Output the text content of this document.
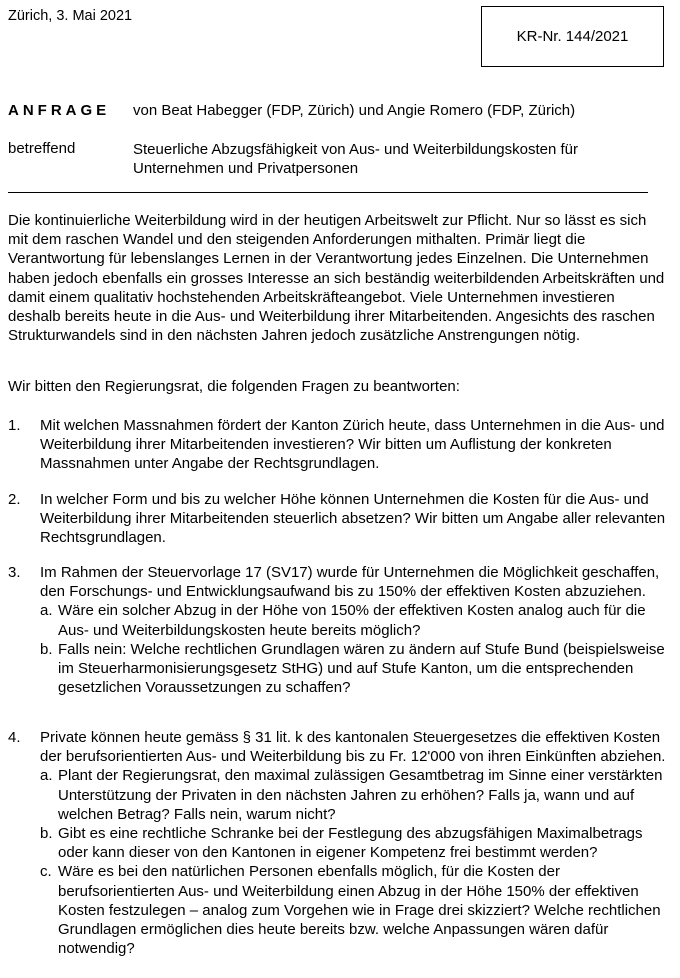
Zürich, 3. Mai 2021
KR-Nr. 144/2021
ANFRAGE von Beat Habegger (FDP, Zürich) und Angie Romero (FDP, Zürich)
betreffend	Steuerliche Abzugsfähigkeit von Aus- und Weiterbildungskosten für Unternehmen und Privatpersonen
Die kontinuierliche Weiterbildung wird in der heutigen Arbeitswelt zur Pflicht. Nur so lässt es sich mit dem raschen Wandel und den steigenden Anforderungen mithalten. Primär liegt die Verantwortung für lebenslanges Lernen in der Verantwortung jedes Einzelnen. Die Unternehmen haben jedoch ebenfalls ein grosses Interesse an sich beständig weiterbildenden Arbeitskräften und damit einem qualitativ hochstehenden Arbeitskräfteangebot. Viele Unternehmen investieren deshalb bereits heute in die Aus- und Weiterbildung ihrer Mitarbeitenden. Angesichts des raschen Strukturwandels sind in den nächsten Jahren jedoch zusätzliche Anstrengungen nötig.
Wir bitten den Regierungsrat, die folgenden Fragen zu beantworten:
1. Mit welchen Massnahmen fördert der Kanton Zürich heute, dass Unternehmen in die Aus- und Weiterbildung ihrer Mitarbeitenden investieren? Wir bitten um Auflistung der konkreten Massnahmen unter Angabe der Rechtsgrundlagen.
2. In welcher Form und bis zu welcher Höhe können Unternehmen die Kosten für die Aus- und Weiterbildung ihrer Mitarbeitenden steuerlich absetzen? Wir bitten um Angabe aller relevanten Rechtsgrundlagen.
3. Im Rahmen der Steuervorlage 17 (SV17) wurde für Unternehmen die Möglichkeit geschaffen, den Forschungs- und Entwicklungsaufwand bis zu 150% der effektiven Kosten abzuziehen.
a. Wäre ein solcher Abzug in der Höhe von 150% der effektiven Kosten analog auch für die Aus- und Weiterbildungskosten heute bereits möglich?
b. Falls nein: Welche rechtlichen Grundlagen wären zu ändern auf Stufe Bund (beispielsweise im Steuerharmonisierungsgesetz StHG) und auf Stufe Kanton, um die entsprechenden gesetzlichen Voraussetzungen zu schaffen?
4. Private können heute gemäss § 31 lit. k des kantonalen Steuergesetzes die effektiven Kosten der berufsorientierten Aus- und Weiterbildung bis zu Fr. 12'000 von ihren Einkünften abziehen.
a. Plant der Regierungsrat, den maximal zulässigen Gesamtbetrag im Sinne einer verstärkten Unterstützung der Privaten in den nächsten Jahren zu erhöhen? Falls ja, wann und auf welchen Betrag? Falls nein, warum nicht?
b. Gibt es eine rechtliche Schranke bei der Festlegung des abzugsfähigen Maximalbetrags oder kann dieser von den Kantonen in eigener Kompetenz frei bestimmt werden?
c. Wäre es bei den natürlichen Personen ebenfalls möglich, für die Kosten der berufsorientierten Aus- und Weiterbildung einen Abzug in der Höhe 150% der effektiven Kosten festzulegen – analog zum Vorgehen wie in Frage drei skizziert? Welche rechtlichen Grundlagen ermöglichen dies heute bereits bzw. welche Anpassungen wären dafür notwendig?
